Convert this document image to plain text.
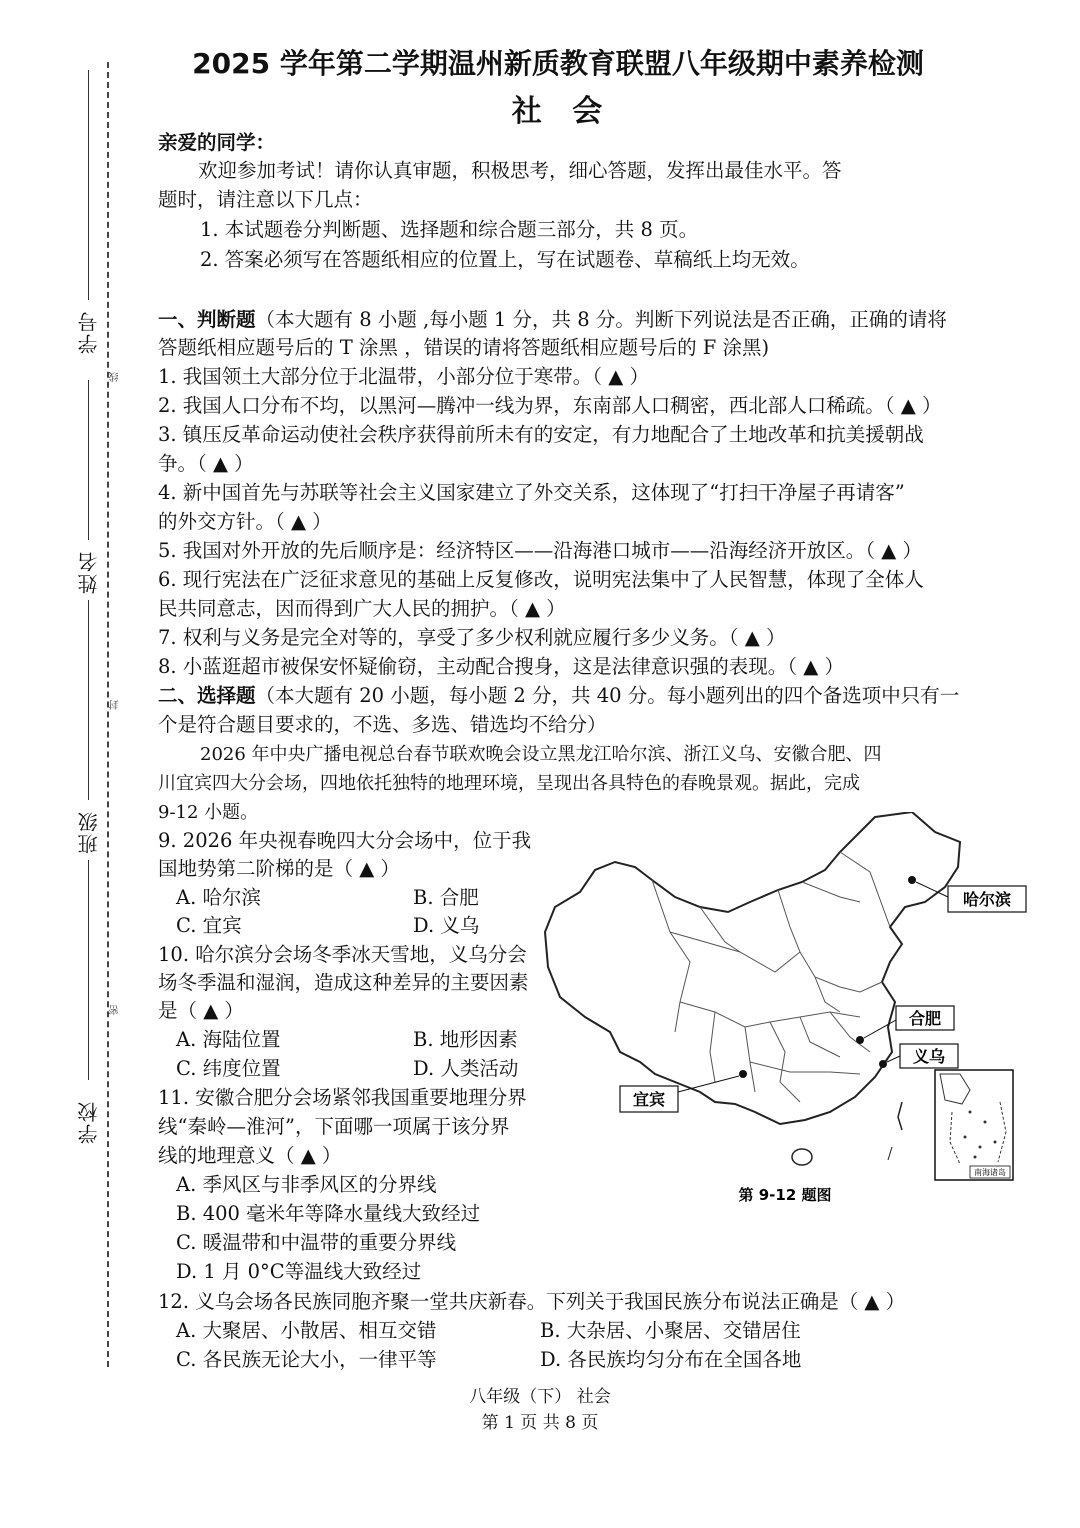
学号
线
姓名
封
班级
密
学校
2025 学年第二学期温州新质教育联盟八年级期中素养检测
社 会
亲爱的同学：
欢迎参加考试！请你认真审题，积极思考，细心答题，发挥出最佳水平。答
题时，请注意以下几点：
1. 本试题卷分判断题、选择题和综合题三部分，共 8 页。
2. 答案必须写在答题纸相应的位置上，写在试题卷、草稿纸上均无效。
一、判断题（本大题有 8 小题 ,每小题 1 分，共 8 分。判断下列说法是否正确，正确的请将
答题纸相应题号后的 T 涂黑 ，错误的请将答题纸相应题号后的 F 涂黑)
1. 我国领土大部分位于北温带，小部分位于寒带。（ ▲ ）
2. 我国人口分布不均，以黑河—腾冲一线为界，东南部人口稠密，西北部人口稀疏。（ ▲ ）
3. 镇压反革命运动使社会秩序获得前所未有的安定，有力地配合了土地改革和抗美援朝战
争。（ ▲ ）
4. 新中国首先与苏联等社会主义国家建立了外交关系，这体现了“打扫干净屋子再请客”
的外交方针。（ ▲ ）
5. 我国对外开放的先后顺序是：经济特区——沿海港口城市——沿海经济开放区。（ ▲ ）
6. 现行宪法在广泛征求意见的基础上反复修改，说明宪法集中了人民智慧，体现了全体人
民共同意志，因而得到广大人民的拥护。（ ▲ ）
7. 权利与义务是完全对等的，享受了多少权利就应履行多少义务。（ ▲ ）
8. 小蓝逛超市被保安怀疑偷窃，主动配合搜身，这是法律意识强的表现。（ ▲ ）
二、选择题（本大题有 20 小题，每小题 2 分，共 40 分。每小题列出的四个备选项中只有一
个是符合题目要求的，不选、多选、错选均不给分）
2026 年中央广播电视总台春节联欢晚会设立黑龙江哈尔滨、浙江义乌、安徽合肥、四
川宜宾四大分会场，四地依托独特的地理环境，呈现出各具特色的春晚景观。据此，完成
9-12 小题。
9. 2026 年央视春晚四大分会场中，位于我
国地势第二阶梯的是（ ▲ ）
A. 哈尔滨	B. 合肥
C. 宜宾	D. 义乌
10. 哈尔滨分会场冬季冰天雪地，义乌分会
场冬季温和湿润，造成这种差异的主要因素
是（ ▲ ）
A. 海陆位置	B. 地形因素
C. 纬度位置	D. 人类活动
11. 安徽合肥分会场紧邻我国重要地理分界
线“秦岭—淮河”，下面哪一项属于该分界
线的地理意义（ ▲ ）
A. 季风区与非季风区的分界线
B. 400 毫米年等降水量线大致经过
C. 暖温带和中温带的重要分界线
D. 1 月 0°C等温线大致经过
12. 义乌会场各民族同胞齐聚一堂共庆新春。下列关于我国民族分布说法正确是（ ▲ ）
A. 大聚居、小散居、相互交错	B. 大杂居、小聚居、交错居住
C. 各民族无论大小，一律平等	D. 各民族均匀分布在全国各地
哈尔滨
合肥
义乌
宜宾
南海诸岛
第 9-12 题图
八年级（下） 社会
第 1 页 共 8 页
